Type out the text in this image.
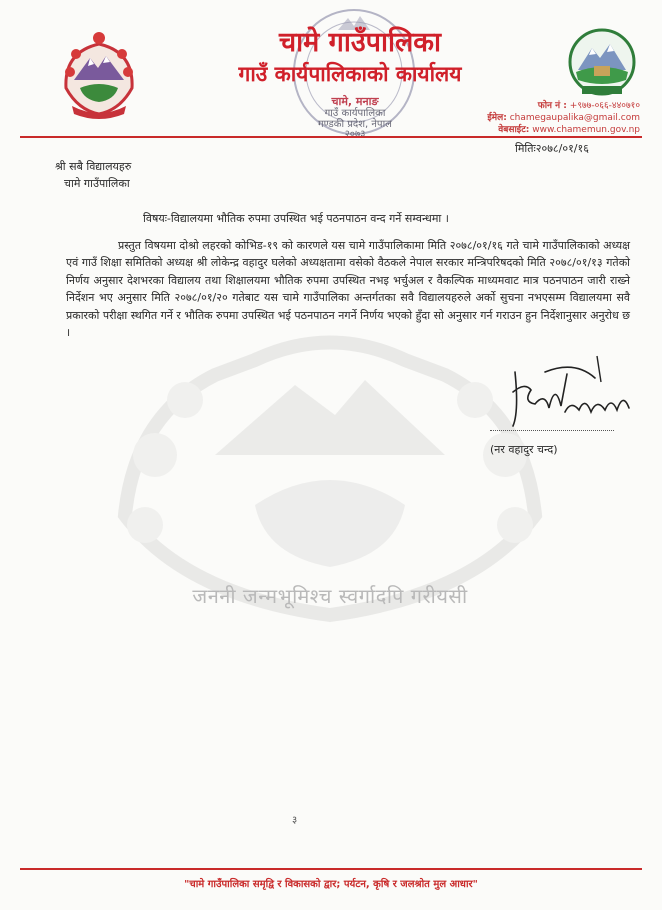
जननी जन्मभूमिश्च स्वर्गादपि गरीयसी
चामे गाउँपालिका
गाउँ कार्यपालिकाको कार्यालय
चामे, मनाङ
गाउँ कार्यपालिका
गण्डकी प्रदेश, नेपाल
२०७३
फोन नं : +९७७-०६६-४४०७१०
ईमेल: chamegaupalika@gmail.com
वेबसाईट: www.chamemun.gov.np
मितिः२०७८/०१/१६
श्री सबै विद्यालयहरु
चामे गाउँपालिका
विषयः-विद्यालयमा भौतिक रुपमा उपस्थित भई पठनपाठन वन्द गर्ने सम्वन्धमा ।
प्रस्तुत विषयमा दोश्रो लहरको कोभिड-१९ को कारणले यस चामे गाउँपालिकामा मिति २०७८/०१/१६ गते चामे गाउँपालिकाको अध्यक्ष एवं गाउँ शिक्षा समितिको अध्यक्ष श्री लोकेन्द्र वहादुर घलेको अध्यक्षतामा वसेको वैठकले नेपाल सरकार मन्त्रिपरिषदको मिति २०७८/०१/१३ गतेको निर्णय अनुसार देशभरका विद्यालय तथा शिक्षालयमा भौतिक रुपमा उपस्थित नभइ भर्चुअल र वैकल्पिक माध्यमवाट मात्र पठनपाठन जारी राख्ने निर्देशन भए अनुसार मिति २०७८/०१/२० गतेबाट यस चामे गाउँपालिका अन्तर्गतका सवै विद्यालयहरुले अर्को सुचना नभएसम्म विद्यालयमा सवै प्रकारको परीक्षा स्थगित गर्ने र भौतिक रुपमा उपस्थित भई पठनपाठन नगर्ने निर्णय भएको हुँदा सो अनुसार गर्न गराउन हुन निर्देशानुसार अनुरोध छ ।
(नर वहादुर चन्द)
३
"चामे गाउँपालिका समृद्वि र विकासको द्वार; पर्यटन, कृषि र जलश्रोत मुल आधार"
